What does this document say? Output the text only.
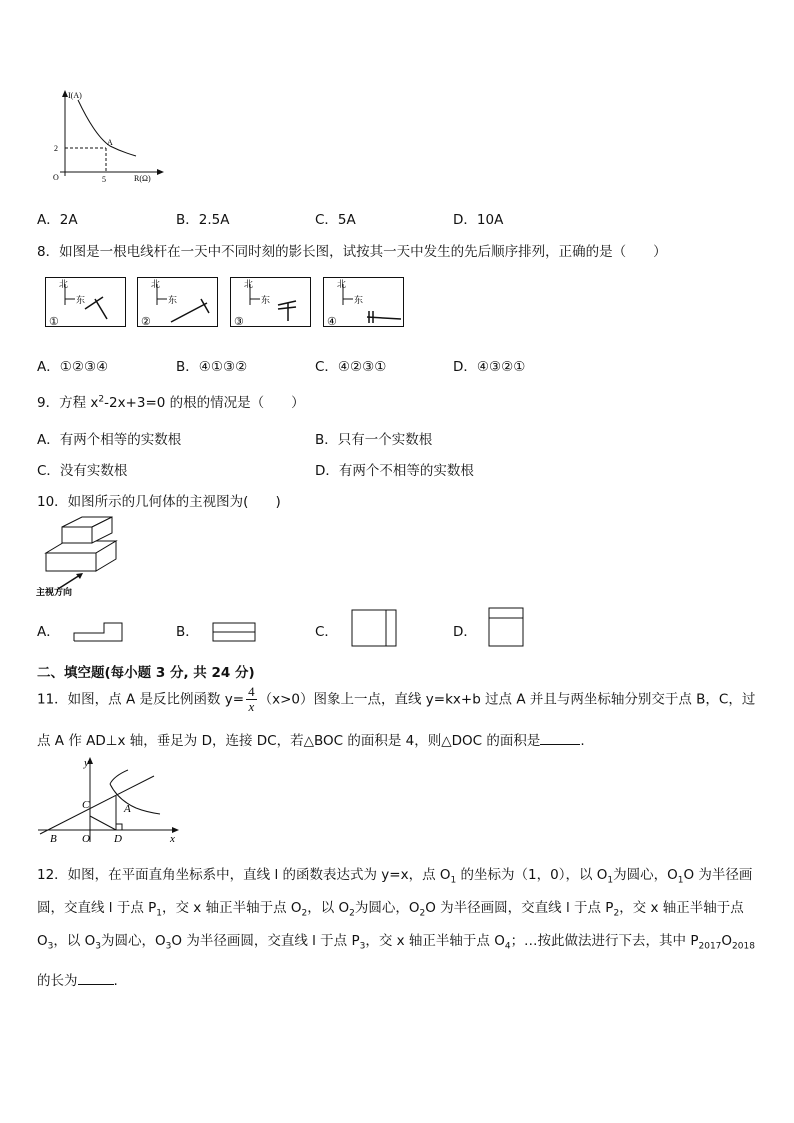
I(A)
R(Ω)
O
A
2
5
A．2A	B．2.5A	C．5A	D．10A
8．如图是一根电线杆在一天中不同时刻的影长图，试按其一天中发生的先后顺序排列，正确的是（　　）
北
东
①
北
东
②
北
东
③
北
东
④
A．①②③④	B．④①③②	C．④②③①	D．④③②①
9．方程 $x^2-2x+3=0$ 的根的情况是（　　）
A．有两个相等的实数根	B．只有一个实数根
C．没有实数根	D．有两个不相等的实数根
10．如图所示的几何体的主视图为(　　)
主视方向
A．	B．	C．	D．
二、填空题(每小题 3 分, 共 24 分)
11．如图，点 A 是反比例函数 $y= \frac{4}{x} (x>0)$图象上一点，直线 y=kx+b 过点 A 并且与两坐标轴分别交于点 B，C，过
点 A 作 AD⊥x 轴，垂足为 D，连接 DC，若△BOC 的面积是 4，则△DOC 的面积是	.
y
x
A
B
C
D
O
12．如图，在平面直角坐标系中，直线 l 的函数表达式为 y=x，点 $O_1$ 的坐标为（1，0），以 $O_1$为圆心，$O_1O$ 为半径画
圆，交直线 l 于点 $P_1$，交 x 轴正半轴于点 $O_2$，以 $O_2$为圆心，$O_2O$ 为半径画圆，交直线 l 于点 $P_2$，交 x 轴正半轴于点
$O_3$，以 $O_3$为圆心，$O_3O$ 为半径画圆，交直线 l 于点 $P_3$，交 x 轴正半轴于点 $O_4$；…按此做法进行下去，其中 $P_{2017}O_{2018}$
的长为	.
